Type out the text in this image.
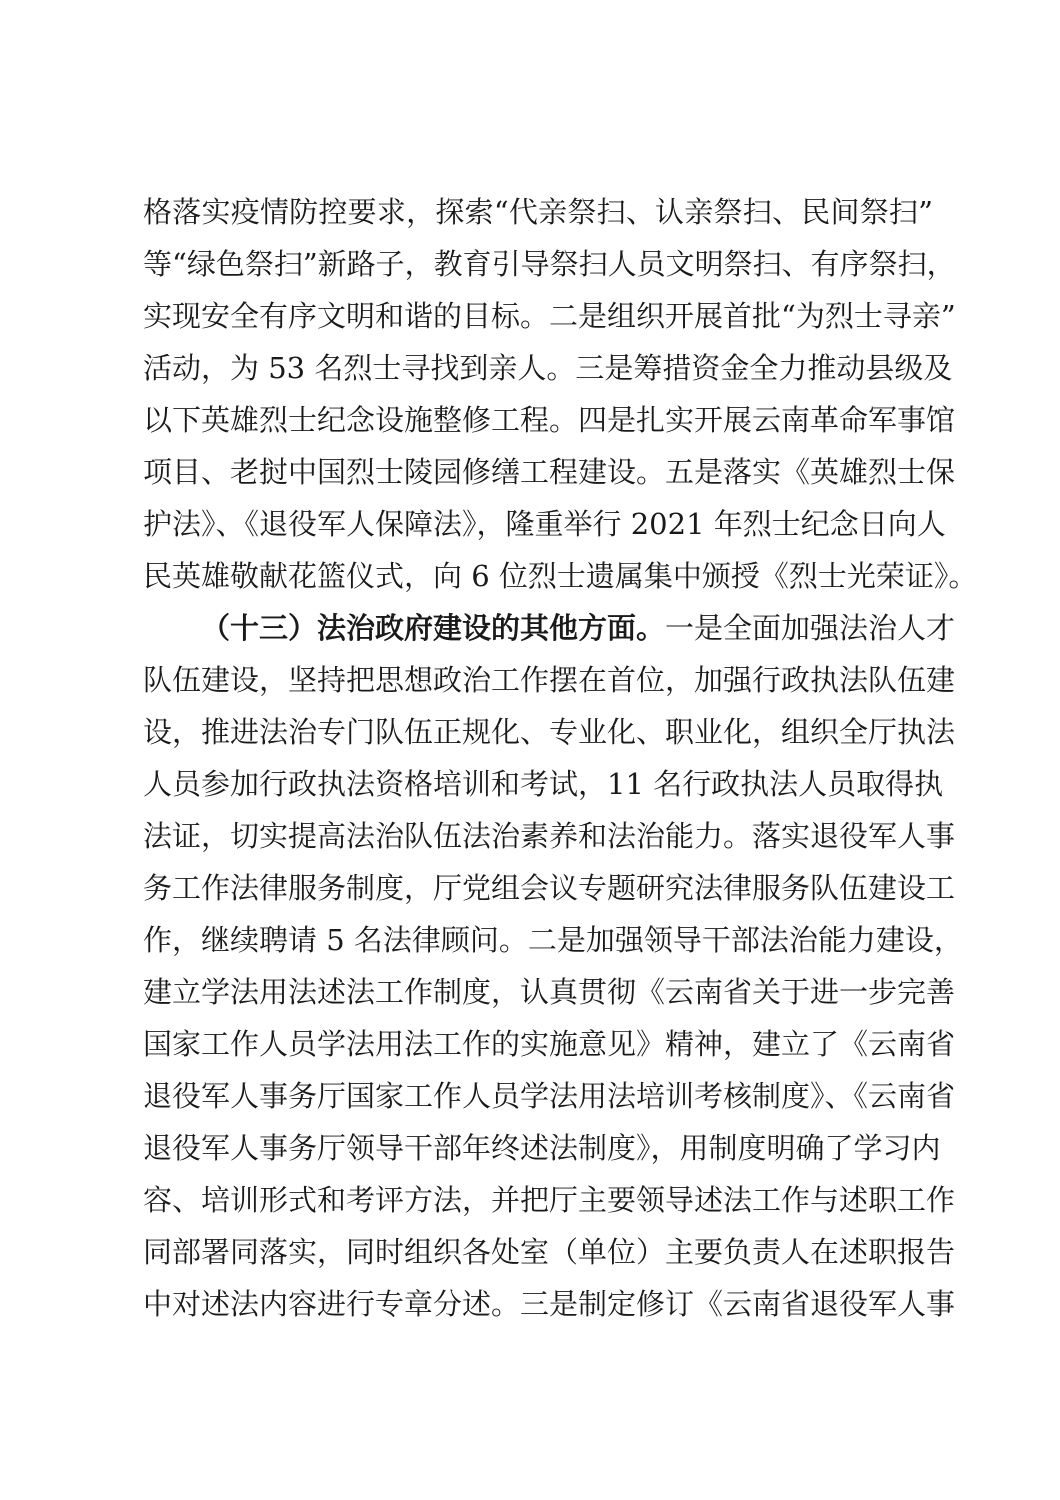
格落实疫情防控要求，探索“代亲祭扫、认亲祭扫、民间祭扫”
等“绿色祭扫”新路子，教育引导祭扫人员文明祭扫、有序祭扫，
实现安全有序文明和谐的目标。二是组织开展首批“为烈士寻亲”
活动，为 53 名烈士寻找到亲人。三是筹措资金全力推动县级及
以下英雄烈士纪念设施整修工程。四是扎实开展云南革命军事馆
项目、老挝中国烈士陵园修缮工程建设。五是落实《英雄烈士保
护法》、《退役军人保障法》，隆重举行 2021 年烈士纪念日向人
民英雄敬献花篮仪式，向 6 位烈士遗属集中颁授《烈士光荣证》。
（十三）法治政府建设的其他方面。一是全面加强法治人才
队伍建设，坚持把思想政治工作摆在首位，加强行政执法队伍建
设，推进法治专门队伍正规化、专业化、职业化，组织全厅执法
人员参加行政执法资格培训和考试，11 名行政执法人员取得执
法证，切实提高法治队伍法治素养和法治能力。落实退役军人事
务工作法律服务制度，厅党组会议专题研究法律服务队伍建设工
作，继续聘请 5 名法律顾问。二是加强领导干部法治能力建设，
建立学法用法述法工作制度，认真贯彻《云南省关于进一步完善
国家工作人员学法用法工作的实施意见》精神，建立了《云南省
退役军人事务厅国家工作人员学法用法培训考核制度》、《云南省
退役军人事务厅领导干部年终述法制度》，用制度明确了学习内
容、培训形式和考评方法，并把厅主要领导述法工作与述职工作
同部署同落实，同时组织各处室（单位）主要负责人在述职报告
中对述法内容进行专章分述。三是制定修订《云南省退役军人事
